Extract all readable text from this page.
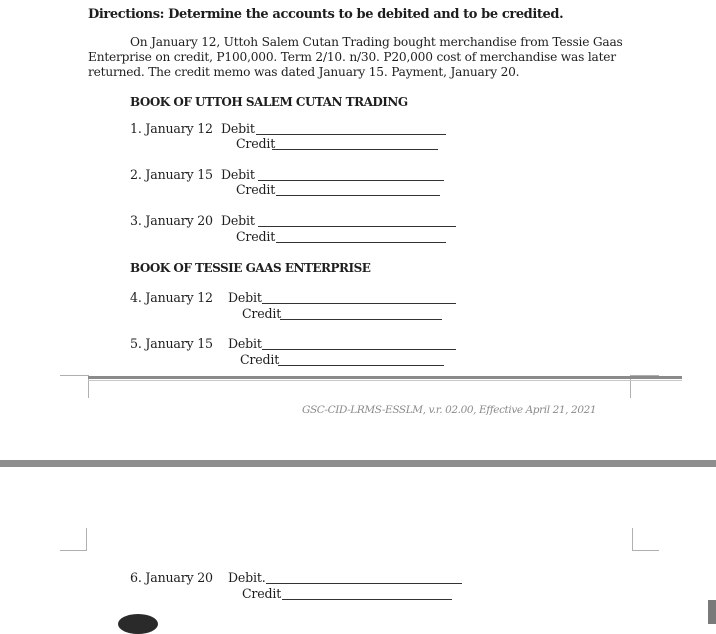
Directions: Determine the accounts to be debited and to be credited.
On January 12, Uttoh Salem Cutan Trading bought merchandise from Tessie Gaas Enterprise on credit, P100,000. Term 2/10. n/30. P20,000 cost of merchandise was later returned. The credit memo was dated January 15. Payment, January 20.
BOOK OF UTTOH SALEM CUTAN TRADING
1. January 12 Debit
Credit
2. January 15 Debit
Credit
3. January 20 Debit
Credit
BOOK OF TESSIE GAAS ENTERPRISE
4. January 12 Debit
Credit
5. January 15 Debit
Credit
GSC-CID-LRMS-ESSLM, v.r. 02.00, Effective April 21, 2021
6. January 20 Debit.
Credit
